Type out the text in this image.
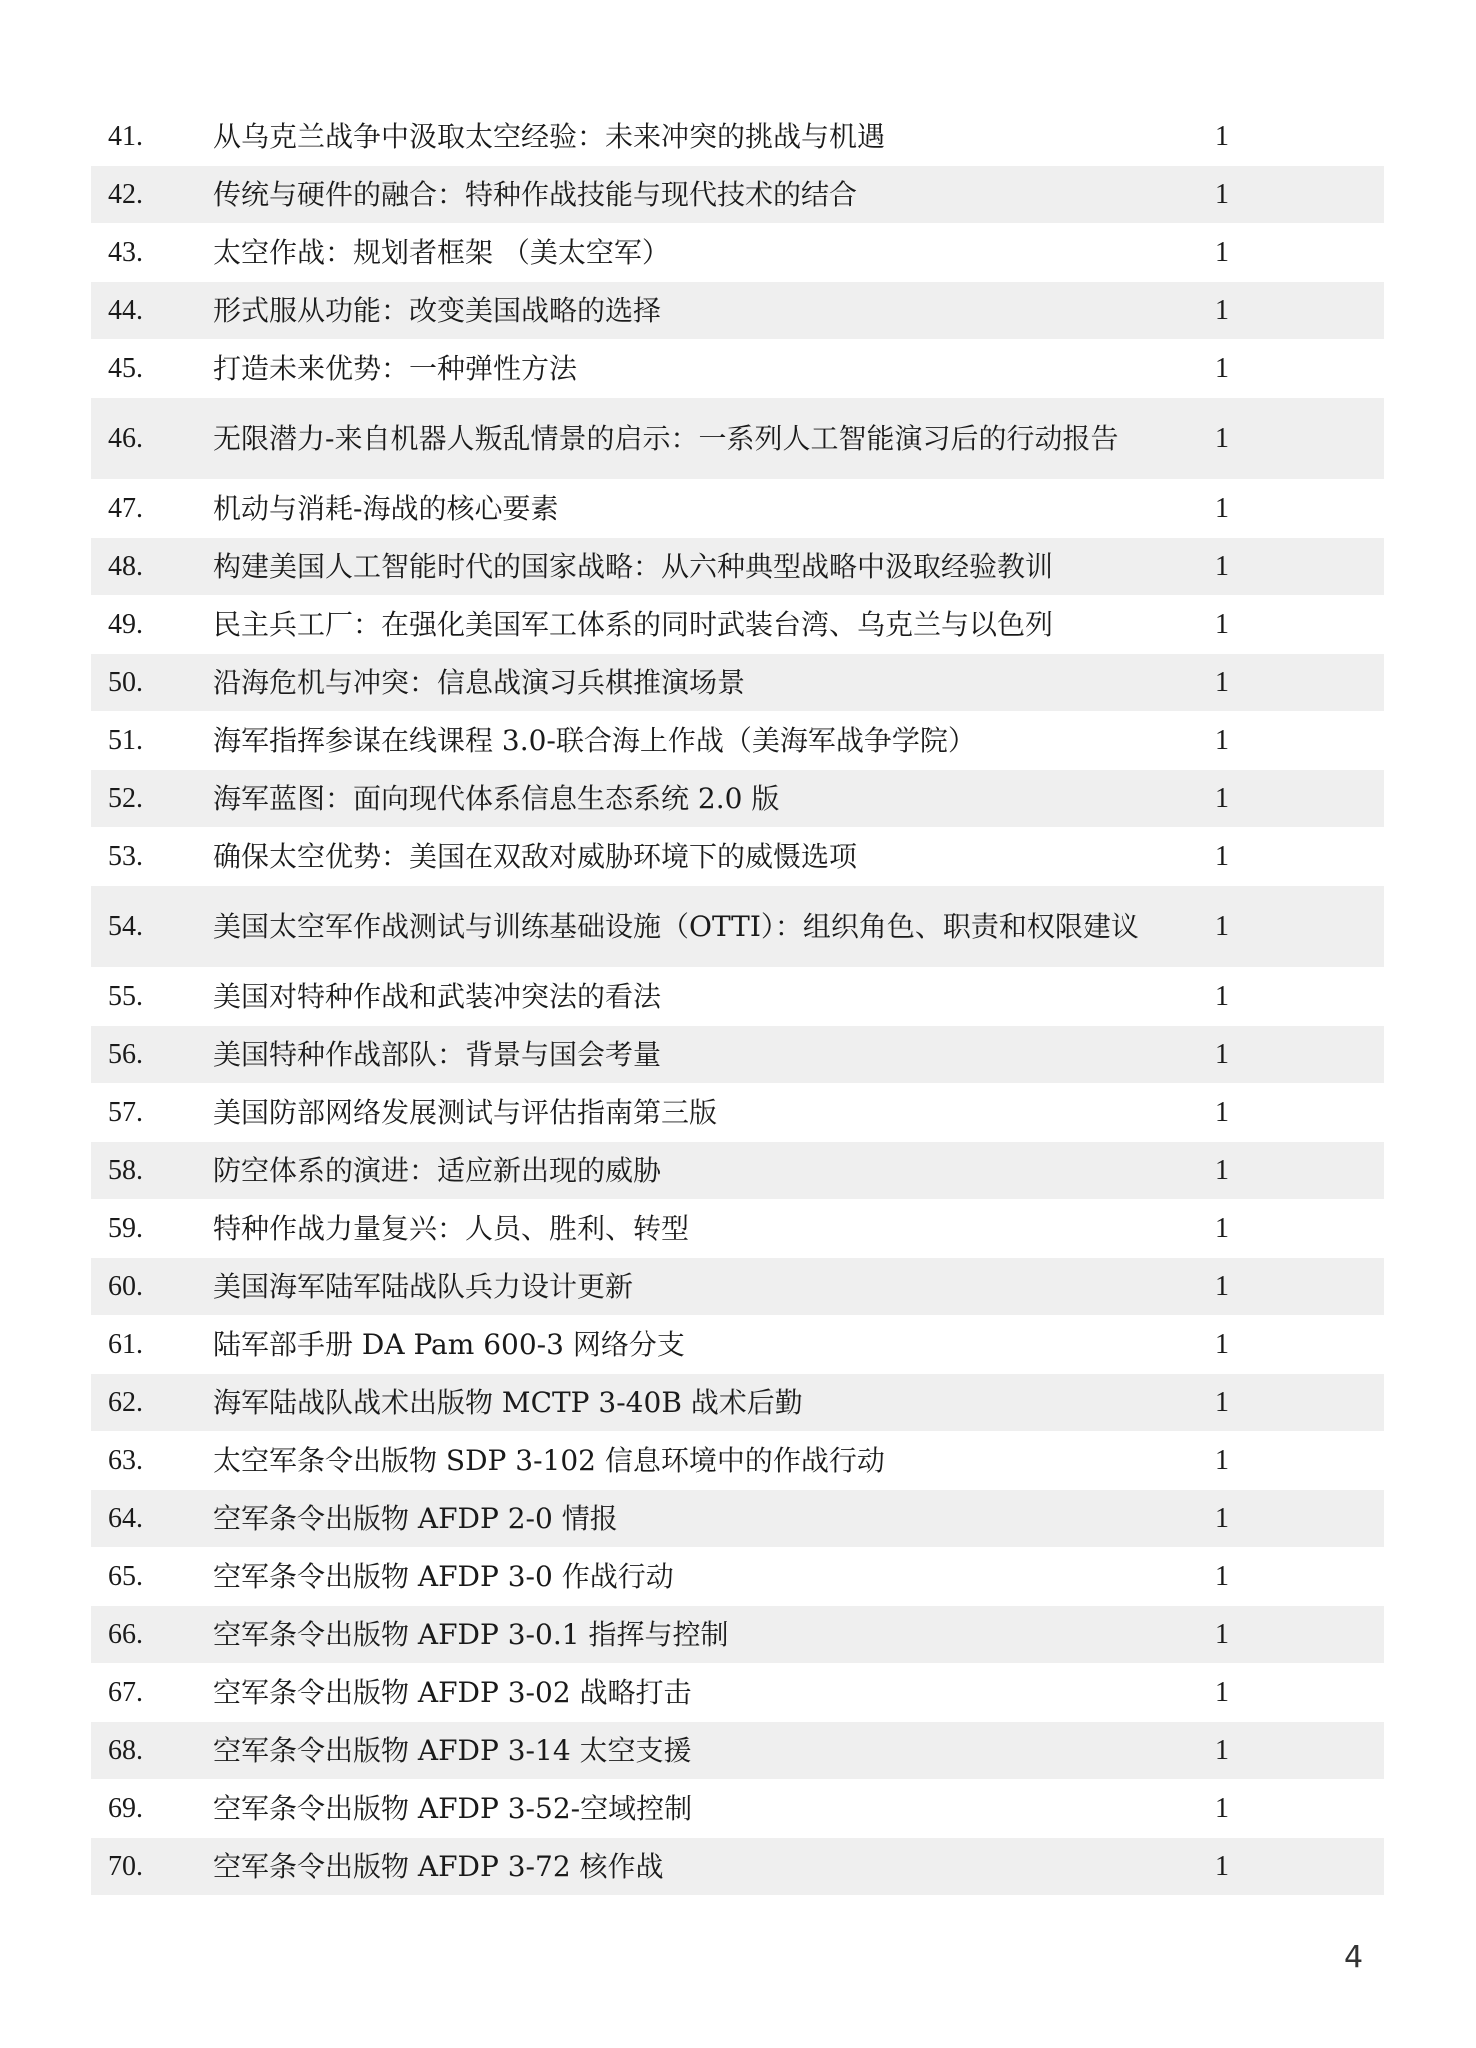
41.	从乌克兰战争中汲取太空经验：未来冲突的挑战与机遇	1
42.	传统与硬件的融合：特种作战技能与现代技术的结合	1
43.	太空作战：规划者框架 （美太空军）	1
44.	形式服从功能：改变美国战略的选择	1
45.	打造未来优势：一种弹性方法	1
46.	无限潜力-来自机器人叛乱情景的启示：一系列人工智能演习后的行动报告	1
47.	机动与消耗-海战的核心要素	1
48.	构建美国人工智能时代的国家战略：从六种典型战略中汲取经验教训	1
49.	民主兵工厂：在强化美国军工体系的同时武装台湾、乌克兰与以色列	1
50.	沿海危机与冲突：信息战演习兵棋推演场景	1
51.	海军指挥参谋在线课程 3.0-联合海上作战（美海军战争学院）	1
52.	海军蓝图：面向现代体系信息生态系统 2.0 版	1
53.	确保太空优势：美国在双敌对威胁环境下的威慑选项	1
54.	美国太空军作战测试与训练基础设施（OTTI）：组织角色、职责和权限建议	1
55.	美国对特种作战和武装冲突法的看法	1
56.	美国特种作战部队：背景与国会考量	1
57.	美国防部网络发展测试与评估指南第三版	1
58.	防空体系的演进：适应新出现的威胁	1
59.	特种作战力量复兴：人员、胜利、转型	1
60.	美国海军陆军陆战队兵力设计更新	1
61.	陆军部手册 DA Pam 600-3 网络分支	1
62.	海军陆战队战术出版物 MCTP 3-40B 战术后勤	1
63.	太空军条令出版物 SDP 3-102 信息环境中的作战行动	1
64.	空军条令出版物 AFDP 2-0 情报	1
65.	空军条令出版物 AFDP 3-0 作战行动	1
66.	空军条令出版物 AFDP 3-0.1 指挥与控制	1
67.	空军条令出版物 AFDP 3-02 战略打击	1
68.	空军条令出版物 AFDP 3-14 太空支援	1
69.	空军条令出版物 AFDP 3-52-空域控制	1
70.	空军条令出版物 AFDP 3-72 核作战	1
4
